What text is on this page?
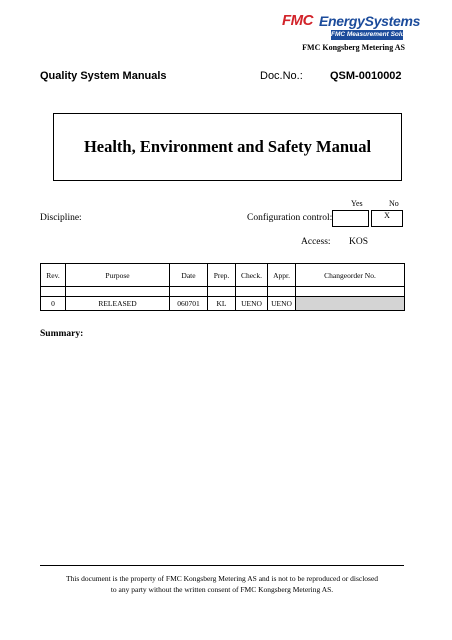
FMC EnergySystems
FMC Measurement Solutions
FMC Kongsberg Metering AS
Quality System Manuals	Doc.No.: QSM-0010002
Health, Environment and Safety Manual
Discipline:	Configuration control:
Yes	No
X
Access: KOS
Rev.	Purpose	Date	Prep.	Check.	Appr.	Changeorder No.

0	RELEASED	060701	KL	UENO	UENO	
Summary:
This document is the property of FMC Kongsberg Metering AS and is not to be reproduced or disclosed
to any party without the written consent of FMC Kongsberg Metering AS.
